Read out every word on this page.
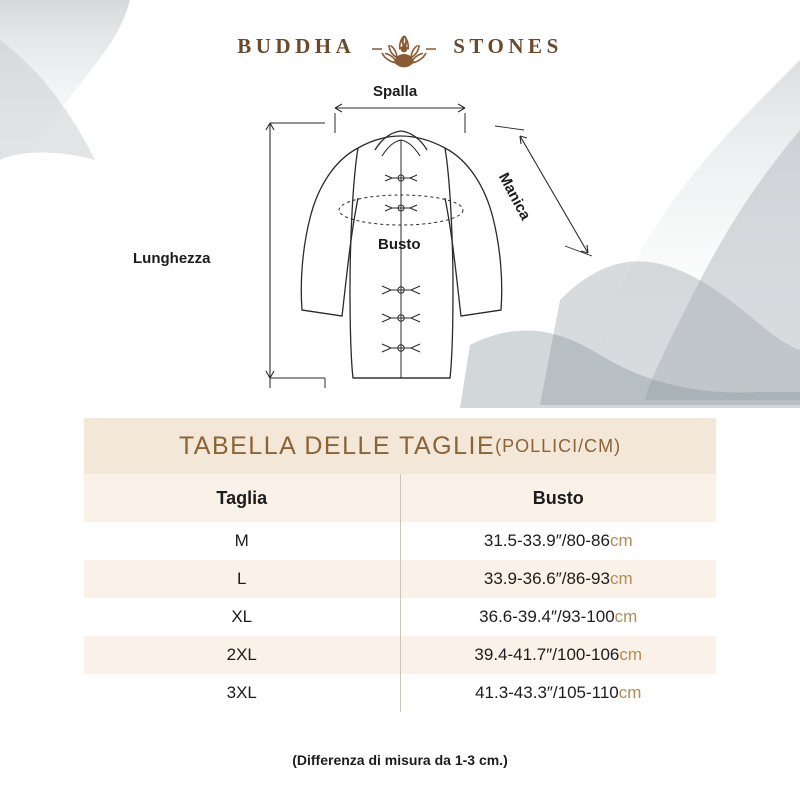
BUDDHA	STONES
Spalla
Busto
Lunghezza
Manica
TABELLA DELLE TAGLIE (POLLICI/CM)
Taglia	Busto
M	31.5-33.9″/80-86cm
L	33.9-36.6″/86-93cm
XL	36.6-39.4″/93-100cm
2XL	39.4-41.7″/100-106cm
3XL	41.3-43.3″/105-110cm
(Differenza di misura da 1-3 cm.)
